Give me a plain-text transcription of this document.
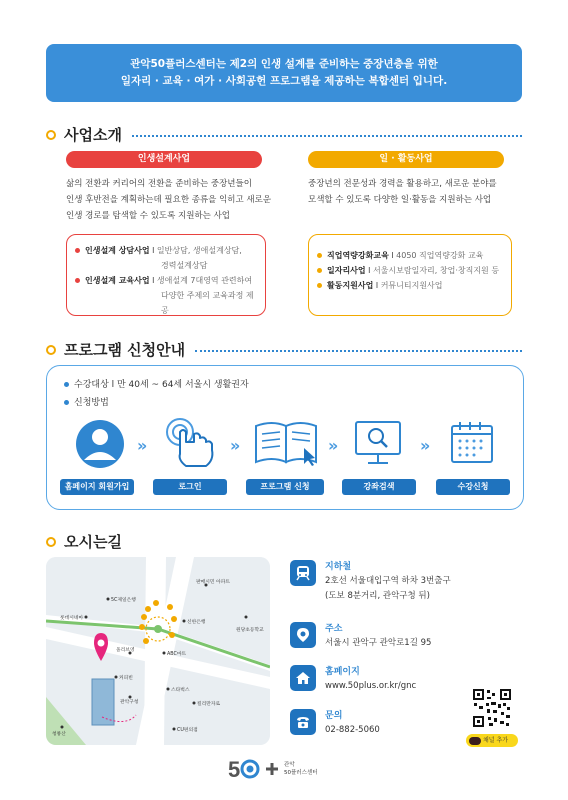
관악50플러스센터는 제2의 인생 설계를 준비하는 중장년층을 위한
일자리 · 교육 · 여가 · 사회공헌 프로그램을 제공하는 복합센터 입니다.
사업소개
인생설계사업	일 · 활동사업
삶의 전환과 커리어의 전환을 준비하는 중장년들이
인생 후반전을 계획하는데 필요한 종류을 익히고 새로운
인생 경로를 탐색할 수 있도록 지원하는 사업
중장년의 전문성과 경력을 활용하고, 새로운 분야를
모색할 수 있도록 다양한 일·활동을 지원하는 사업
인생설계 상담사업 l 일반상담, 생애설계상담,
경력설계상담
인생설계 교육사업 l 생애설계 7대영역 관련하여
다양한 주제의 교육과정 제공
직업역량강화교육 l 4050 직업역량강화 교육
일자리사업 l 서울시보람일자리, 창업·창직지원 등
활동지원사업 l 커뮤니티지원사업
프로그램 신청안내
수강대상 l 만 40세 ~ 64세 서울시 생활권자
신청방법
»	»	»	»
홈페이지 회원가입	로그인	프로그램 신청	강좌검색	수강신청
오시는길
5C제일은행
롯데시네마
신한은행
원당초등학교
ABC마트
올리브영
커피빈
관악구청
스타벅스
킬리만자로
청룡산
CU편의점
판매시민 아파트
지하철
2호선 서울대입구역 하차 3번출구
(도보 8분거리, 관악구청 뒤)
주소
서울시 관악구 관악로1길 95
홈페이지
www.50plus.or.kr/gnc
문의
02-882-5060
채널 추가
5	관악
50플러스센터
